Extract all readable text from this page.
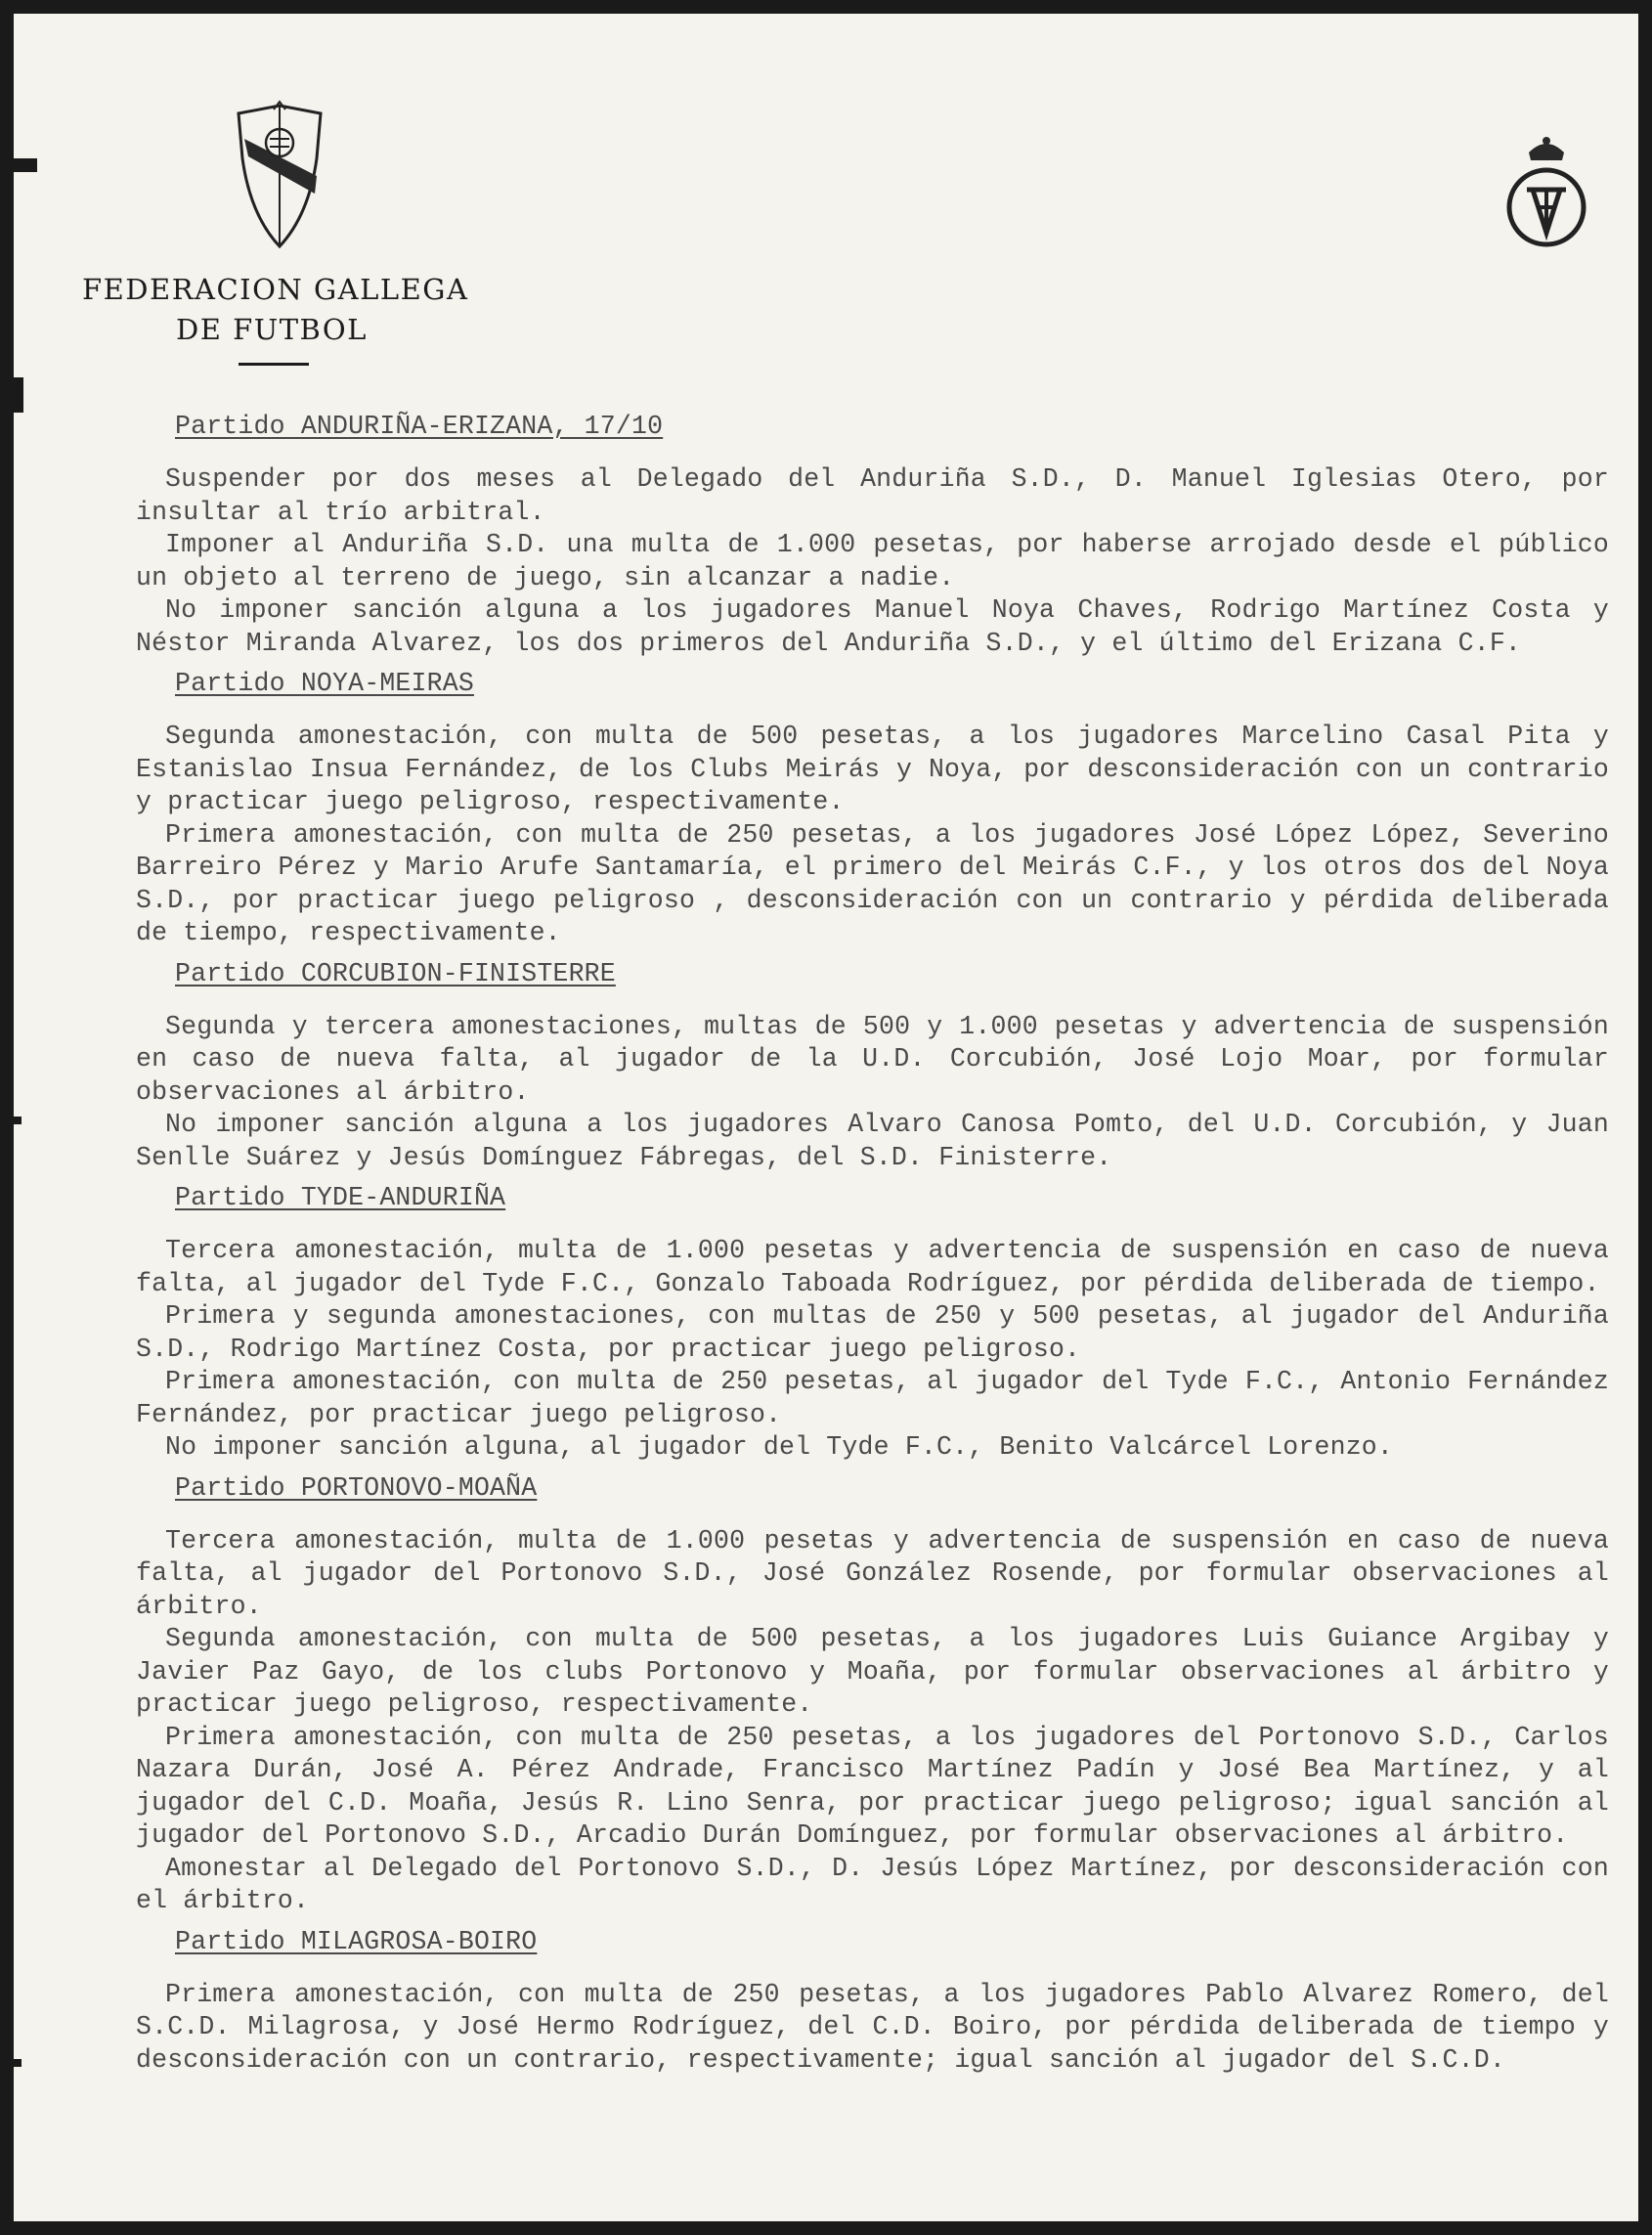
FEDERACION GALLEGA
DE FUTBOL
Partido ANDURIÑA-ERIZANA, 17/10

Suspender por dos meses al Delegado del Anduriña S.D., D. Manuel Iglesias Otero, por insultar al trío arbitral.

Imponer al Anduriña S.D. una multa de 1.000 pesetas, por haberse arrojado desde el público un objeto al terreno de juego, sin alcanzar a nadie.

No imponer sanción alguna a los jugadores Manuel Noya Chaves, Rodrigo Martínez Costa y Néstor Miranda Alvarez, los dos primeros del Anduriña S.D., y el último del Erizana C.F.

Partido NOYA-MEIRAS

Segunda amonestación, con multa de 500 pesetas, a los jugadores Marcelino Casal Pita y Estanislao Insua Fernández, de los Clubs Meirás y Noya, por desconsideración con un contrario y practicar juego peligroso, respectivamente.

Primera amonestación, con multa de 250 pesetas, a los jugadores José López López, Severino Barreiro Pérez y Mario Arufe Santamaría, el primero del Meirás C.F., y los otros dos del Noya S.D., por practicar juego peligroso , desconsideración con un contrario y pérdida deliberada de tiempo, respectivamente.

Partido CORCUBION-FINISTERRE

Segunda y tercera amonestaciones, multas de 500 y 1.000 pesetas y advertencia de suspensión en caso de nueva falta, al jugador de la U.D. Corcubión, José Lojo Moar, por formular observaciones al árbitro.

No imponer sanción alguna a los jugadores Alvaro Canosa Pomto, del U.D. Corcubión, y Juan Senlle Suárez y Jesús Domínguez Fábregas, del S.D. Finisterre.

Partido TYDE-ANDURIÑA

Tercera amonestación, multa de 1.000 pesetas y advertencia de suspensión en caso de nueva falta, al jugador del Tyde F.C., Gonzalo Taboada Rodríguez, por pérdida deliberada de tiempo.

Primera y segunda amonestaciones, con multas de 250 y 500 pesetas, al jugador del Anduriña S.D., Rodrigo Martínez Costa, por practicar juego peligroso.

Primera amonestación, con multa de 250 pesetas, al jugador del Tyde F.C., Antonio Fernández Fernández, por practicar juego peligroso.

No imponer sanción alguna, al jugador del Tyde F.C., Benito Valcárcel Lorenzo.

Partido PORTONOVO-MOAÑA

Tercera amonestación, multa de 1.000 pesetas y advertencia de suspensión en caso de nueva falta, al jugador del Portonovo S.D., José González Rosende, por formular observaciones al árbitro.

Segunda amonestación, con multa de 500 pesetas, a los jugadores Luis Guiance Argibay y Javier Paz Gayo, de los clubs Portonovo y Moaña, por formular observaciones al árbitro y practicar juego peligroso, respectivamente.

Primera amonestación, con multa de 250 pesetas, a los jugadores del Portonovo S.D., Carlos Nazara Durán, José A. Pérez Andrade, Francisco Martínez Padín y José Bea Martínez, y al jugador del C.D. Moaña, Jesús R. Lino Senra, por practicar juego peligroso; igual sanción al jugador del Portonovo S.D., Arcadio Durán Domínguez, por formular observaciones al árbitro.

Amonestar al Delegado del Portonovo S.D., D. Jesús López Martínez, por desconsideración con el árbitro.

Partido MILAGROSA-BOIRO

Primera amonestación, con multa de 250 pesetas, a los jugadores Pablo Alvarez Romero, del S.C.D. Milagrosa, y José Hermo Rodríguez, del C.D. Boiro, por pérdida deliberada de tiempo y desconsideración con un contrario, respectivamente; igual sanción al jugador del S.C.D.
